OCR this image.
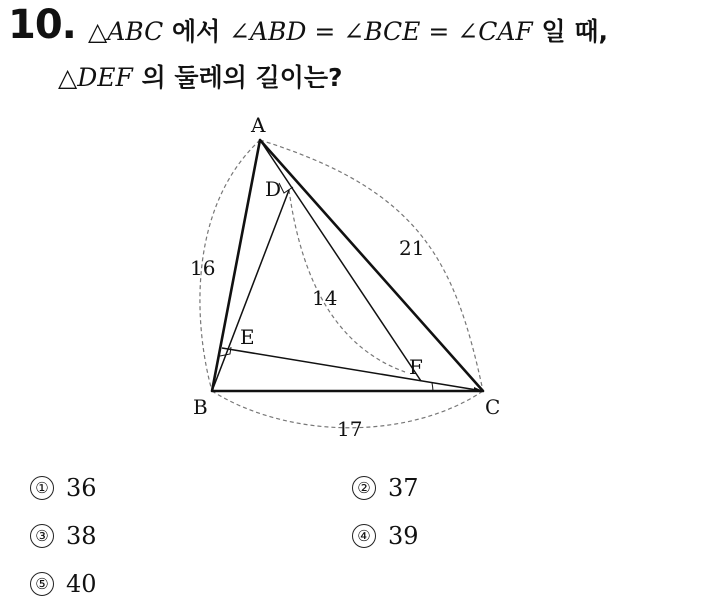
10. △ABC 에서 ∠ABD = ∠BCE = ∠CAF 일 때,
△DEF 의 둘레의 길이는?
A
B	C
D
E
F
16
21
17
14
① 36	② 37
③ 38	④ 39
⑤ 40
